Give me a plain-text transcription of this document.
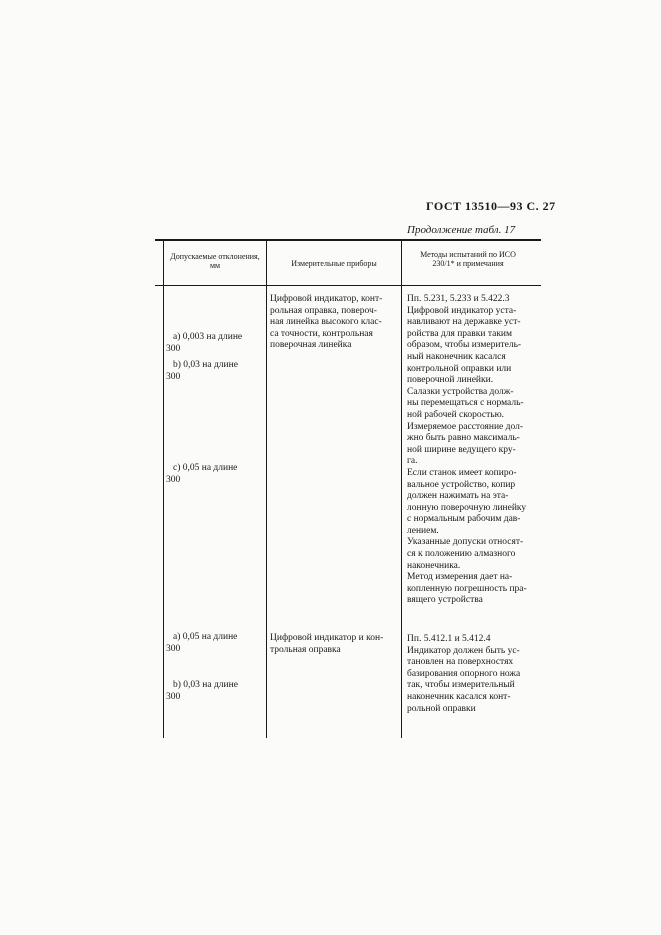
ГОСТ 13510—93 С. 27
Продолжение табл. 17
Допускаемые отклонения, мм	Измерительные приборы
Методы испытаний по ИСО 230/1* и примечания
a) 0,003 на длине
300
b) 0,03 на длине
300
c) 0,05 на длине
300
Цифровой индикатор, конт-
рольная оправка, повероч-
ная линейка высокого клас-
са точности, контрольная
поверочная линейка
Пп. 5.231, 5.233 и 5.422.3
Цифровой индикатор уста-
навливают на державке уст-
ройства для правки таким
образом, чтобы измеритель-
ный наконечник касался
контрольной оправки или
поверочной линейки.
Салазки устройства долж-
ны перемещаться с нормаль-
ной рабочей скоростью.
Измеряемое расстояние дол-
жно быть равно максималь-
ной ширине ведущего кру-
га.
Если станок имеет копиро-
вальное устройство, копир
должен нажимать на эта-
лонную поверочную линейку
с нормальным рабочим дав-
лением.
Указанные допуски относят-
ся к положению алмазного
наконечника.
Метод измерения дает на-
копленную погрешность пра-
вящего устройства
a) 0,05 на длине
300
b) 0,03 на длине
300
Цифровой индикатор и кон-
трольная оправка
Пп. 5.412.1 и 5.412.4
Индикатор должен быть ус-
тановлен на поверхностях
базирования опорного ножа
так, чтобы измерительный
наконечник касался конт-
рольной оправки
